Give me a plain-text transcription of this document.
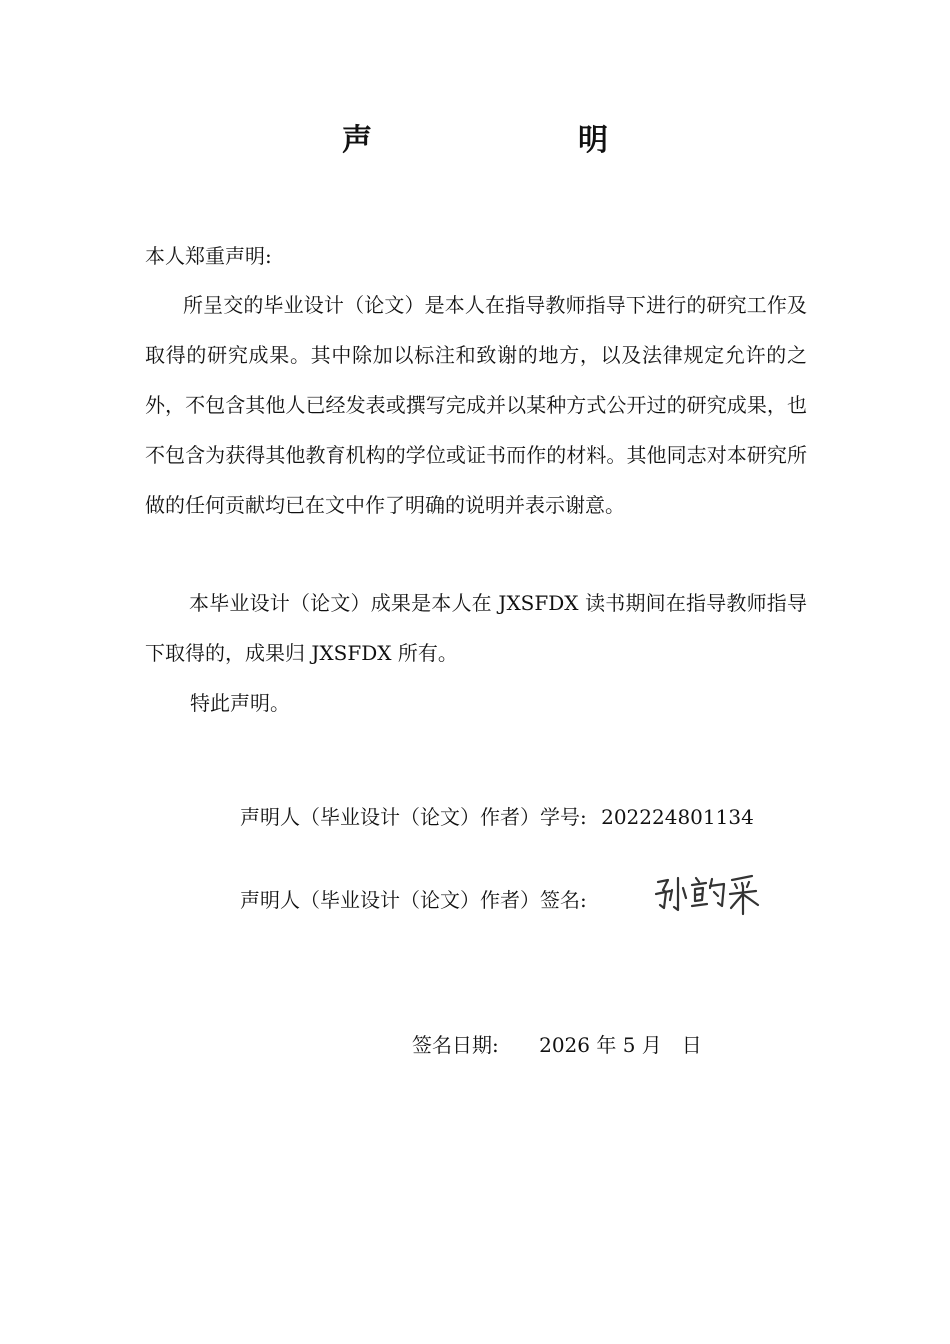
声　明
本人郑重声明:
所呈交的毕业设计（论文）是本人在指导教师指导下进行的研究工作及取得的研究成果。其中除加以标注和致谢的地方，以及法律规定允许的之外，不包含其他人已经发表或撰写完成并以某种方式公开过的研究成果，也不包含为获得其他教育机构的学位或证书而作的材料。其他同志对本研究所做的任何贡献均已在文中作了明确的说明并表示谢意。
本毕业设计（论文）成果是本人在 JXSFDX 读书期间在指导教师指导下取得的，成果归 JXSFDX 所有。
特此声明。
声明人（毕业设计（论文）作者）学号: 202224801134
声明人（毕业设计（论文）作者）签名:
签名日期: 2026 年 5 月　日
